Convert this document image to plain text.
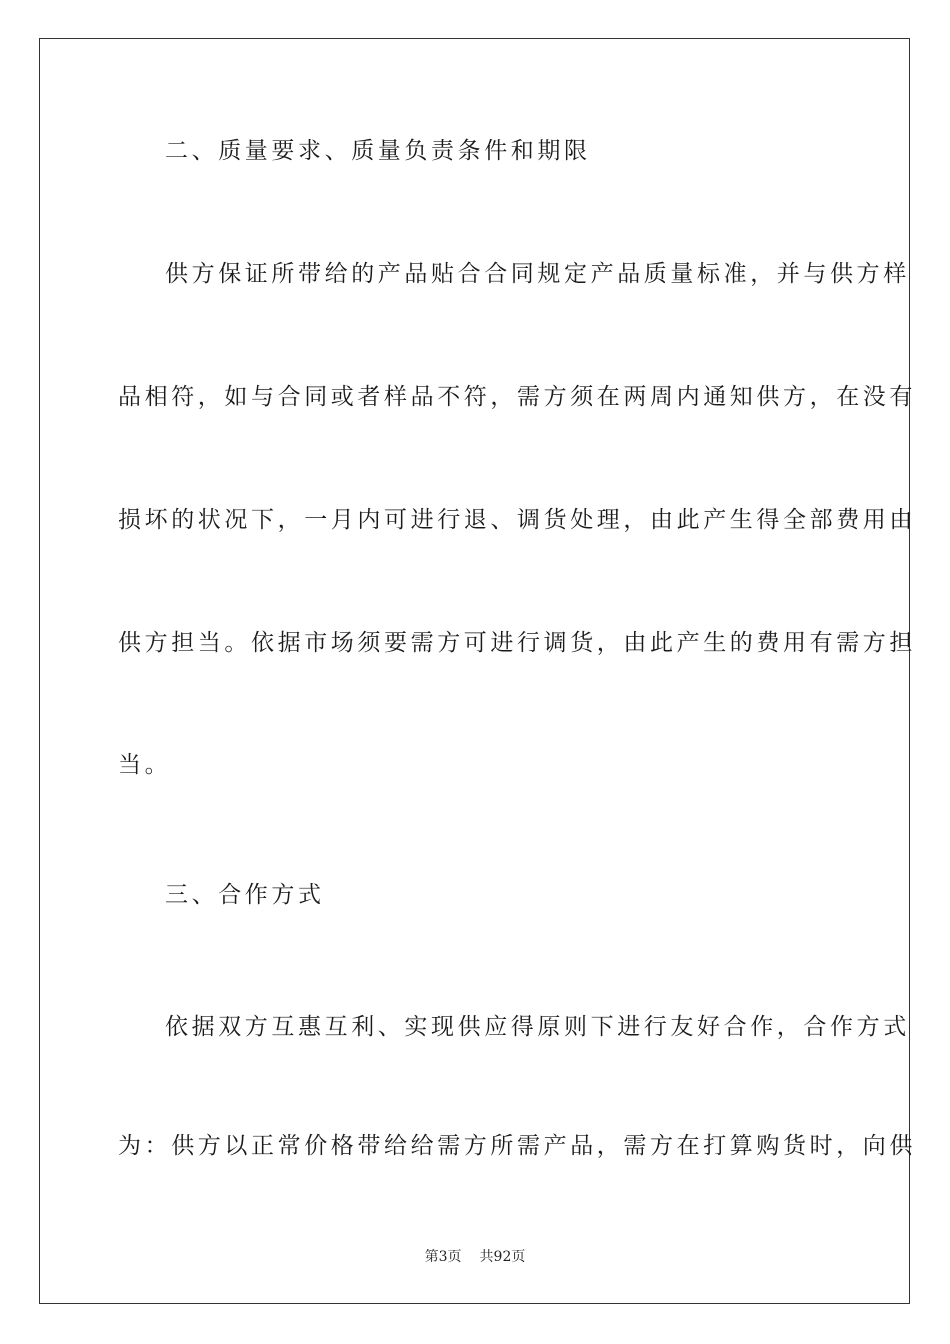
二、质量要求、质量负责条件和期限
供方保证所带给的产品贴合合同规定产品质量标准，并与供方样
品相符，如与合同或者样品不符，需方须在两周内通知供方，在没有
损坏的状况下，一月内可进行退、调货处理，由此产生得全部费用由
供方担当。依据市场须要需方可进行调货，由此产生的费用有需方担
当。
三、合作方式
依据双方互惠互利、实现供应得原则下进行友好合作，合作方式
为：供方以正常价格带给给需方所需产品，需方在打算购货时，向供
第3页 共92页
